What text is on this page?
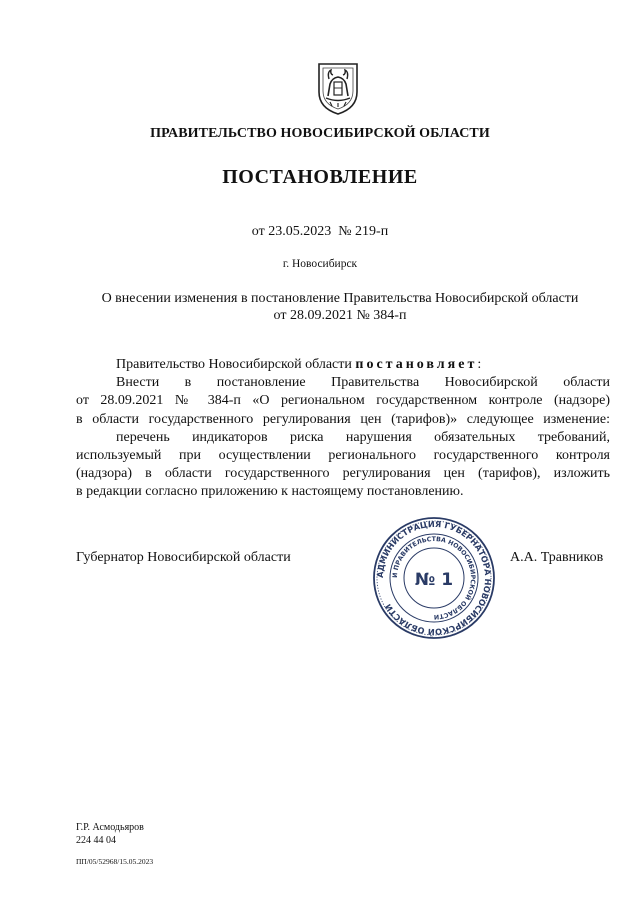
ПРАВИТЕЛЬСТВО НОВОСИБИРСКОЙ ОБЛАСТИ
ПОСТАНОВЛЕНИЕ
от 23.05.2023  № 219-п
г. Новосибирск
О внесении изменения в постановление Правительства Новосибирской области
от 28.09.2021 № 384-п

Правительство Новосибирской области постановляет:

Внести в постановление Правительства Новосибирской области

от 28.09.2021 № 384-п «О региональном государственном контроле (надзоре)

в области государственного регулирования цен (тарифов)» следующее изменение:

перечень индикаторов риска нарушения обязательных требований,

используемый при осуществлении регионального государственного контроля

(надзора) в области государственного регулирования цен (тарифов), изложить

в редакции согласно приложению к настоящему постановлению.

Губернатор Новосибирской области	А.А. Травников
АДМИНИСТРАЦИЯ ГУБЕРНАТОРА НОВОСИБИРСКОЙ ОБЛАСТИ
И ПРАВИТЕЛЬСТВА НОВОСИБИРСКОЙ ОБЛАСТИ
№ 1
Г.Р. Асмодьяров
224 44 04
ПП/05/52968/15.05.2023
